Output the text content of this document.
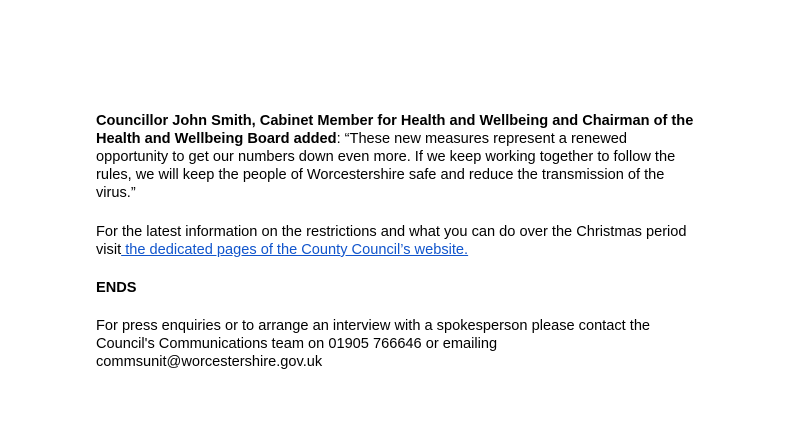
Councillor John Smith, Cabinet Member for Health and Wellbeing and Chairman of the
Health and Wellbeing Board added: “These new measures represent a renewed
opportunity to get our numbers down even more. If we keep working together to follow the
rules, we will keep the people of Worcestershire safe and reduce the transmission of the
virus.”

For the latest information on the restrictions and what you can do over the Christmas period
visit the dedicated pages of the County Council’s website.

ENDS

For press enquiries or to arrange an interview with a spokesperson please contact the
Council's Communications team on 01905 766646 or emailing
commsunit@worcestershire.gov.uk
